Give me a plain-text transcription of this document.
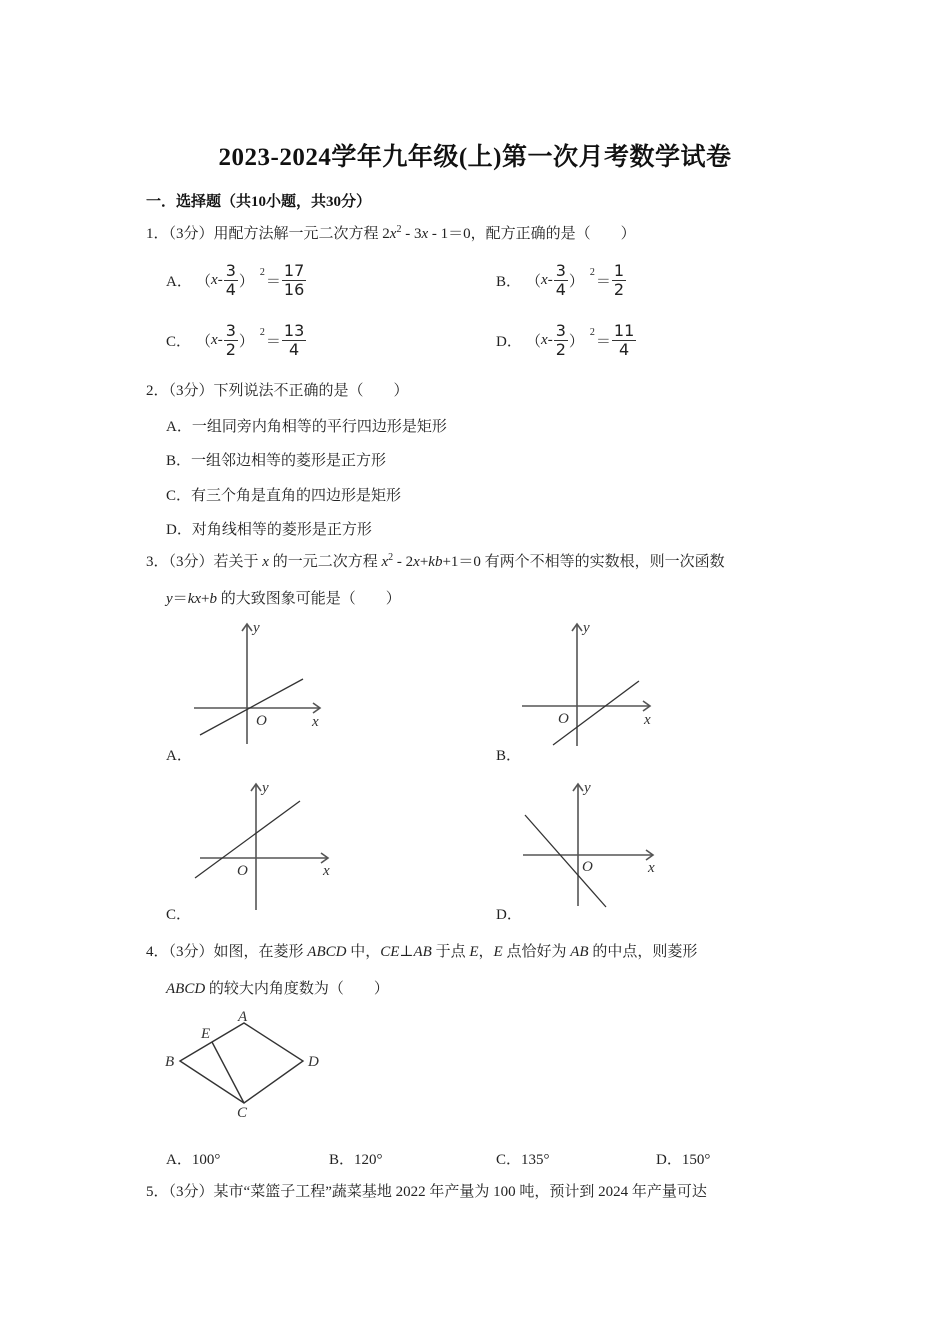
2023-2024学年九年级(上)第一次月考数学试卷
一．选择题（共10小题，共30分）
1．（3分）用配方法解一元二次方程 $2x^2 - 3x - 1=0$，配方正确的是（　　）
A． （ x - $\frac{3}{4}$ ）
2
＝ $\frac{17}{16}$	B． （ x - $\frac{3}{4}$ ）
2
＝ $\frac{1}{2}$
C． （ x - $\frac{3}{2}$ ）
2
＝ $\frac{13}{4}$	D． （ x - $\frac{3}{2}$ ）
2
＝ $\frac{11}{4}$
2．（3分）下列说法不正确的是（　　）
A．一组同旁内角相等的平行四边形是矩形
B．一组邻边相等的菱形是正方形
C．有三个角是直角的四边形是矩形
D．对角线相等的菱形是正方形
3．（3分）若关于 x 的一元二次方程 $x^2 - 2x+kb+1=0$ 有两个不相等的实数根，则一次函数
y＝kx+b 的大致图象可能是（　　）
y
O	x
A．
y
O	x
B．
y
O	x
C．
y
O	x
D．
4．（3分）如图，在菱形 ABCD 中，CE⊥AB 于点 E，E 点恰好为 AB 的中点，则菱形
ABCD 的较大内角度数为（　　）
A
E
B	D
C
A．100°	B．120°	C．135°	D．150°
5．（3分）某市“菜篮子工程”蔬菜基地 2022 年产量为 100 吨，预计到 2024 年产量可达
